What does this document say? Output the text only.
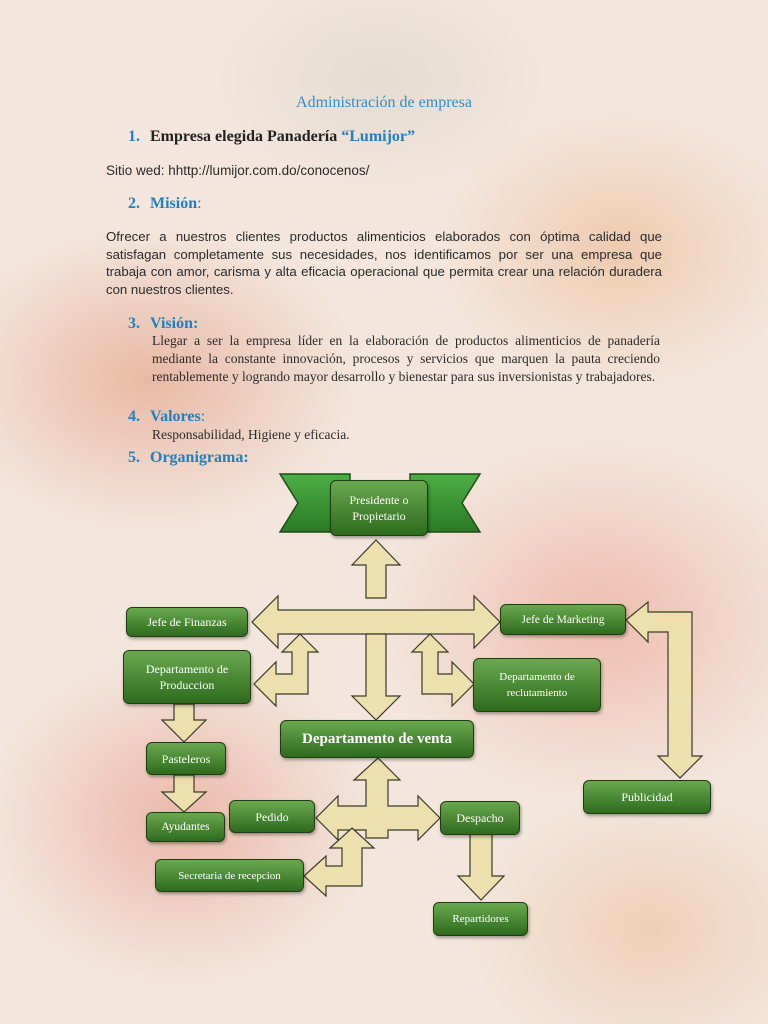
Administración de empresa
1. Empresa elegida Panadería “Lumijor”
Sitio wed: hhttp://lumijor.com.do/conocenos/
2. Misión:
Ofrecer a nuestros clientes productos alimenticios elaborados con óptima calidad que satisfagan completamente sus necesidades, nos identificamos por ser una empresa que trabaja con amor, carisma y alta eficacia operacional que permita crear una relación duradera con nuestros clientes.
3. Visión:
Llegar a ser la empresa líder en la elaboración de productos alimenticios de panadería mediante la constante innovación, procesos y servicios que marquen la pauta creciendo rentablemente y logrando mayor desarrollo y bienestar para sus inversionistas y trabajadores.
4. Valores:
Responsabilidad, Higiene y eficacia.
5. Organigrama:
Presidente o Propietario
Jefe de Finanzas	Jefe de Marketing
Departamento de Produccion
Departamento de reclutamiento
Departamento de venta
Pasteleros
Ayudantes
Pedido	Despacho
Publicidad
Secretaria de recepcion
Repartidores
